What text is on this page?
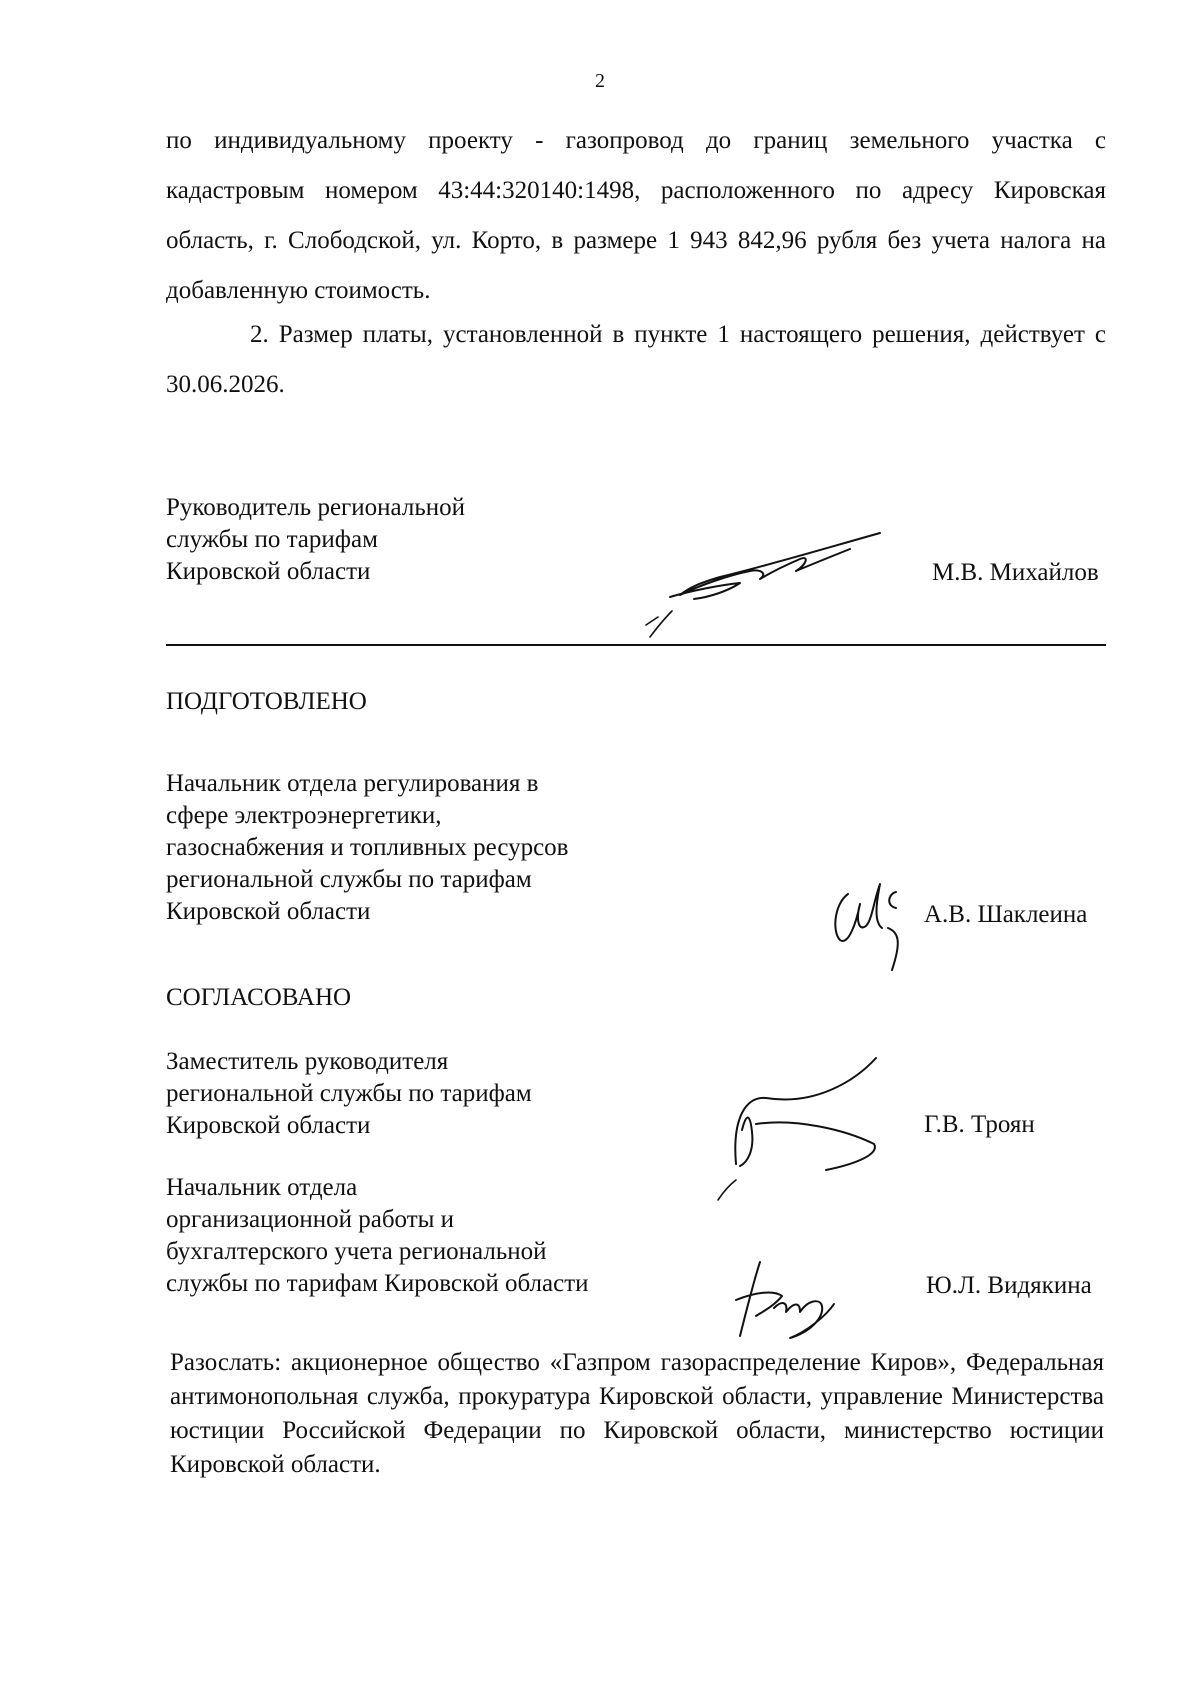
2
по индивидуальному проекту - газопровод до границ земельного участка с кадастровым номером 43:44:320140:1498, расположенного по адресу Кировская область, г. Слободской, ул. Корто, в размере 1 943 842,96 рубля без учета налога на добавленную стоимость.
2. Размер платы, установленной в пункте 1 настоящего решения, действует с 30.06.2026.
Руководитель региональной
службы по тарифам
Кировской области	М.В. Михайлов
ПОДГОТОВЛЕНО
Начальник отдела регулирования в
сфере электроэнергетики,
газоснабжения и топливных ресурсов
региональной службы по тарифам
Кировской области	А.В. Шаклеина
СОГЛАСОВАНО
Заместитель руководителя
региональной службы по тарифам
Кировской области	Г.В. Троян
Начальник отдела
организационной работы и
бухгалтерского учета региональной
службы по тарифам Кировской области	Ю.Л. Видякина
Разослать: акционерное общество «Газпром газораспределение Киров», Федеральная антимонопольная служба, прокуратура Кировской области, управление Министерства юстиции Российской Федерации по Кировской области, министерство юстиции Кировской области.
